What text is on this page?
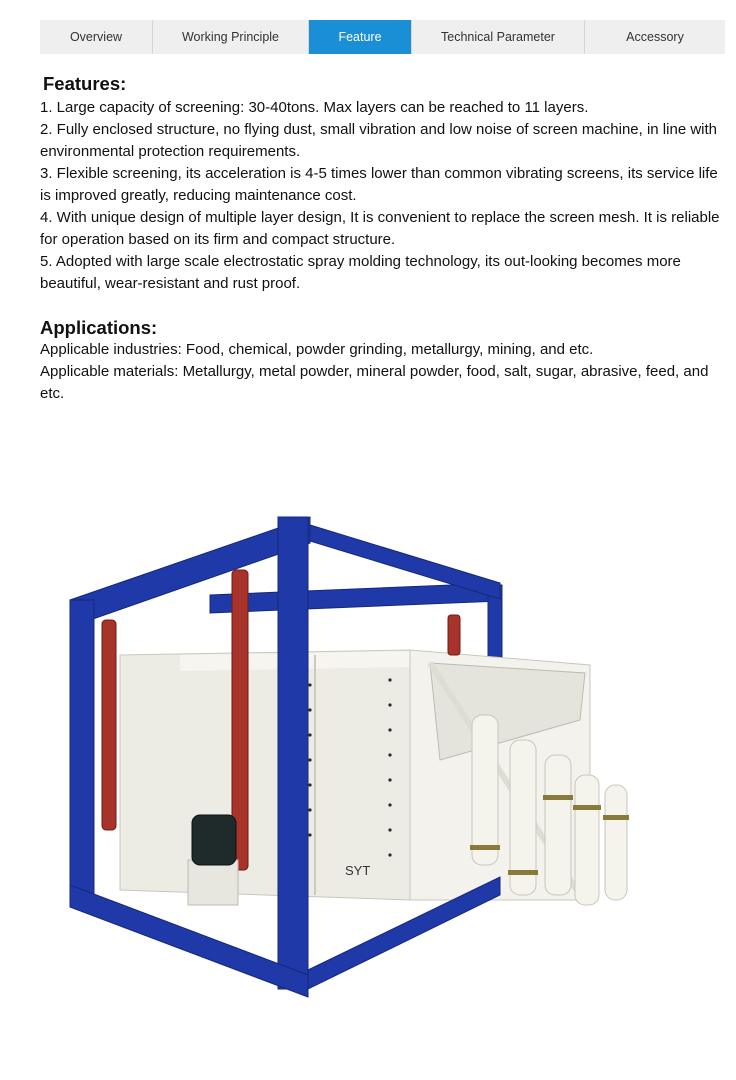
Overview	Working Principle	Feature	Technical Parameter	Accessory
Features:

1. Large capacity of screening: 30-40tons. Max layers can be reached to 11 layers.

2. Fully enclosed structure, no flying dust, small vibration and low noise of screen machine, in line with environmental protection requirements.

3. Flexible screening, its acceleration is 4-5 times lower than common vibrating screens, its service life is improved greatly, reducing maintenance cost.

4. With unique design of multiple layer design, It is convenient to replace the screen mesh. It is reliable for operation based on its firm and compact structure.

5. Adopted with large scale electrostatic spray molding technology, its out-looking becomes more beautiful, wear-resistant and rust proof.

Applications:

Applicable industries: Food, chemical, powder grinding, metallurgy, mining, and etc.

Applicable materials: Metallurgy, metal powder, mineral powder, food, salt, sugar, abrasive, feed, and etc.

SYT
